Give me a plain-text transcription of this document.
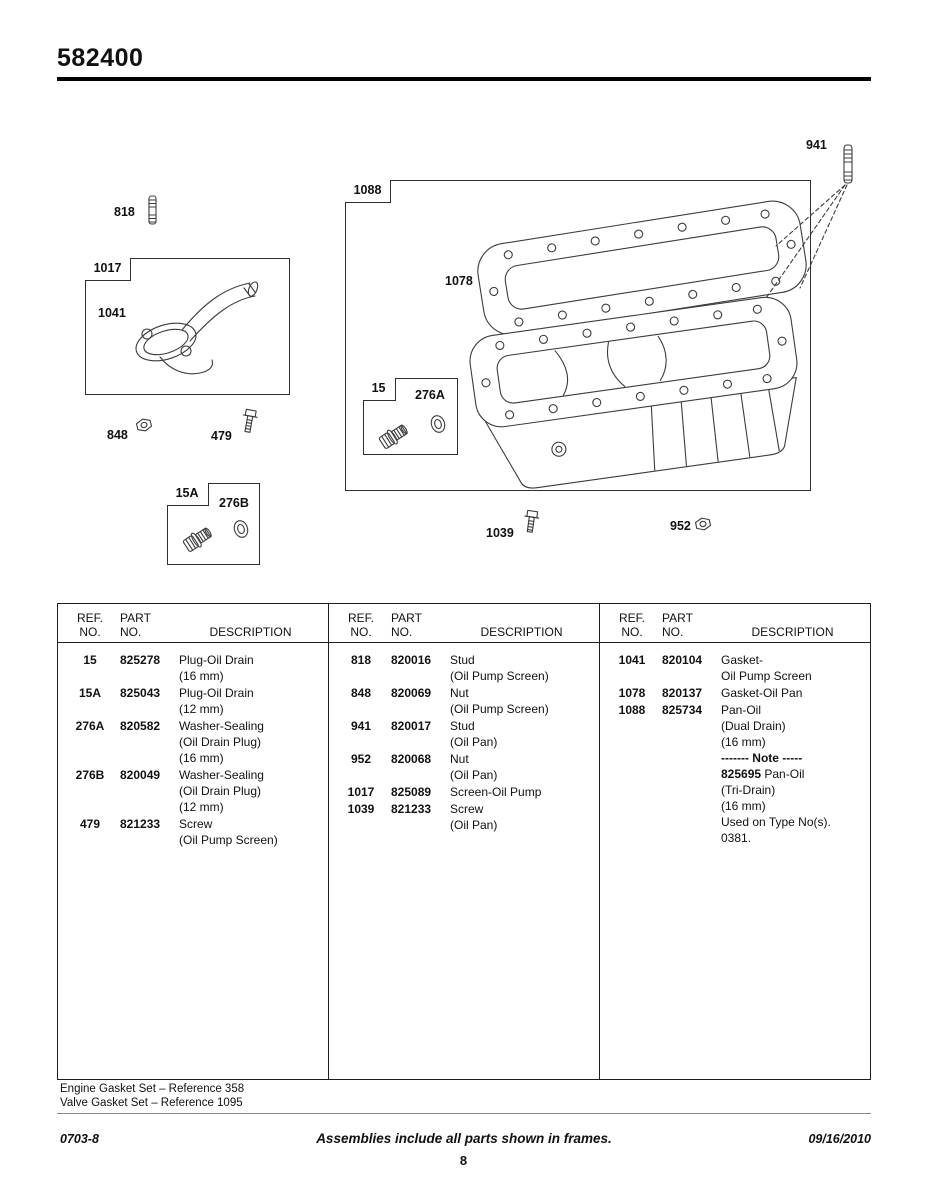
582400
1017
1088
15
15A
818
941
1041
848	479
1078
1039	952
276A
276B
REF.
NO.
PART
NO.	DESCRIPTION
15	825278	Plug-Oil Drain
(16 mm)
15A	825043	Plug-Oil Drain
(12 mm)
276A	820582	Washer-Sealing
(Oil Drain Plug)
(16 mm)
276B	820049	Washer-Sealing
(Oil Drain Plug)
(12 mm)
479	821233	Screw
(Oil Pump Screen)
REF.
NO.
PART
NO.	DESCRIPTION
818	820016	Stud
(Oil Pump Screen)
848	820069	Nut
(Oil Pump Screen)
941	820017	Stud
(Oil Pan)
952	820068	Nut
(Oil Pan)
1017	825089	Screen-Oil Pump
1039	821233	Screw
(Oil Pan)
REF.
NO.
PART
NO.	DESCRIPTION
1041	820104	Gasket-
Oil Pump Screen
1078	820137	Gasket-Oil Pan
1088	825734	Pan-Oil
(Dual Drain)
(16 mm)
------- Note -----
825695 Pan-Oil
(Tri-Drain)
(16 mm)
Used on Type No(s).
0381.
Engine Gasket Set – Reference 358
Valve Gasket Set – Reference 1095
0703-8	Assemblies include all parts shown in frames.	09/16/2010
8
